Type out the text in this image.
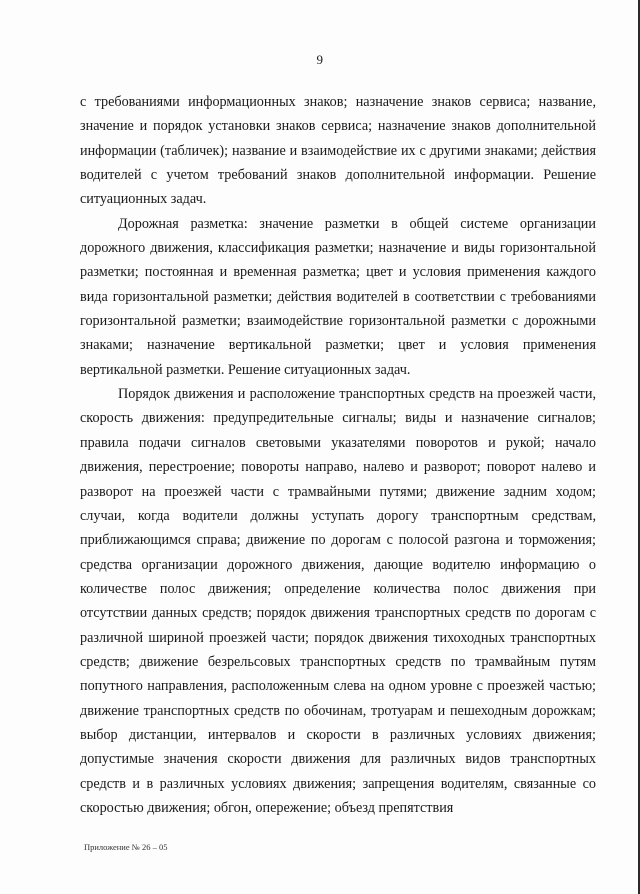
9

с требованиями информационных знаков; назначение знаков сервиса; название, значение и порядок установки знаков сервиса; назначение знаков дополнительной информации (табличек); название и взаимодействие их с другими знаками; действия водителей с учетом требований знаков дополнительной информации. Решение ситуационных задач.

Дорожная разметка: значение разметки в общей системе организации дорожного движения, классификация разметки; назначение и виды горизонтальной разметки; постоянная и временная разметка; цвет и условия применения каждого вида горизонтальной разметки; действия водителей в соответствии с требованиями горизонтальной разметки; взаимодействие горизонтальной разметки с дорожными знаками; назначение вертикальной разметки; цвет и условия применения вертикальной разметки. Решение ситуационных задач.

Порядок движения и расположение транспортных средств на проезжей части, скорость движения: предупредительные сигналы; виды и назначение сигналов; правила подачи сигналов световыми указателями поворотов и рукой; начало движения, перестроение; повороты направо, налево и разворот; поворот налево и разворот на проезжей части с трамвайными путями; движение задним ходом; случаи, когда водители должны уступать дорогу транспортным средствам, приближающимся справа; движение по дорогам с полосой разгона и торможения; средства организации дорожного движения, дающие водителю информацию о количестве полос движения; определение количества полос движения при отсутствии данных средств; порядок движения транспортных средств по дорогам с различной шириной проезжей части; порядок движения тихоходных транспортных средств; движение безрельсовых транспортных средств по трамвайным путям попутного направления, расположенным слева на одном уровне с проезжей частью; движение транспортных средств по обочинам, тротуарам и пешеходным дорожкам; выбор дистанции, интервалов и скорости в различных условиях движения; допустимые значения скорости движения для различных видов транспортных средств и в различных условиях движения; запрещения водителям, связанные со скоростью движения; обгон, опережение; объезд препятствия

Приложение № 26 – 05
